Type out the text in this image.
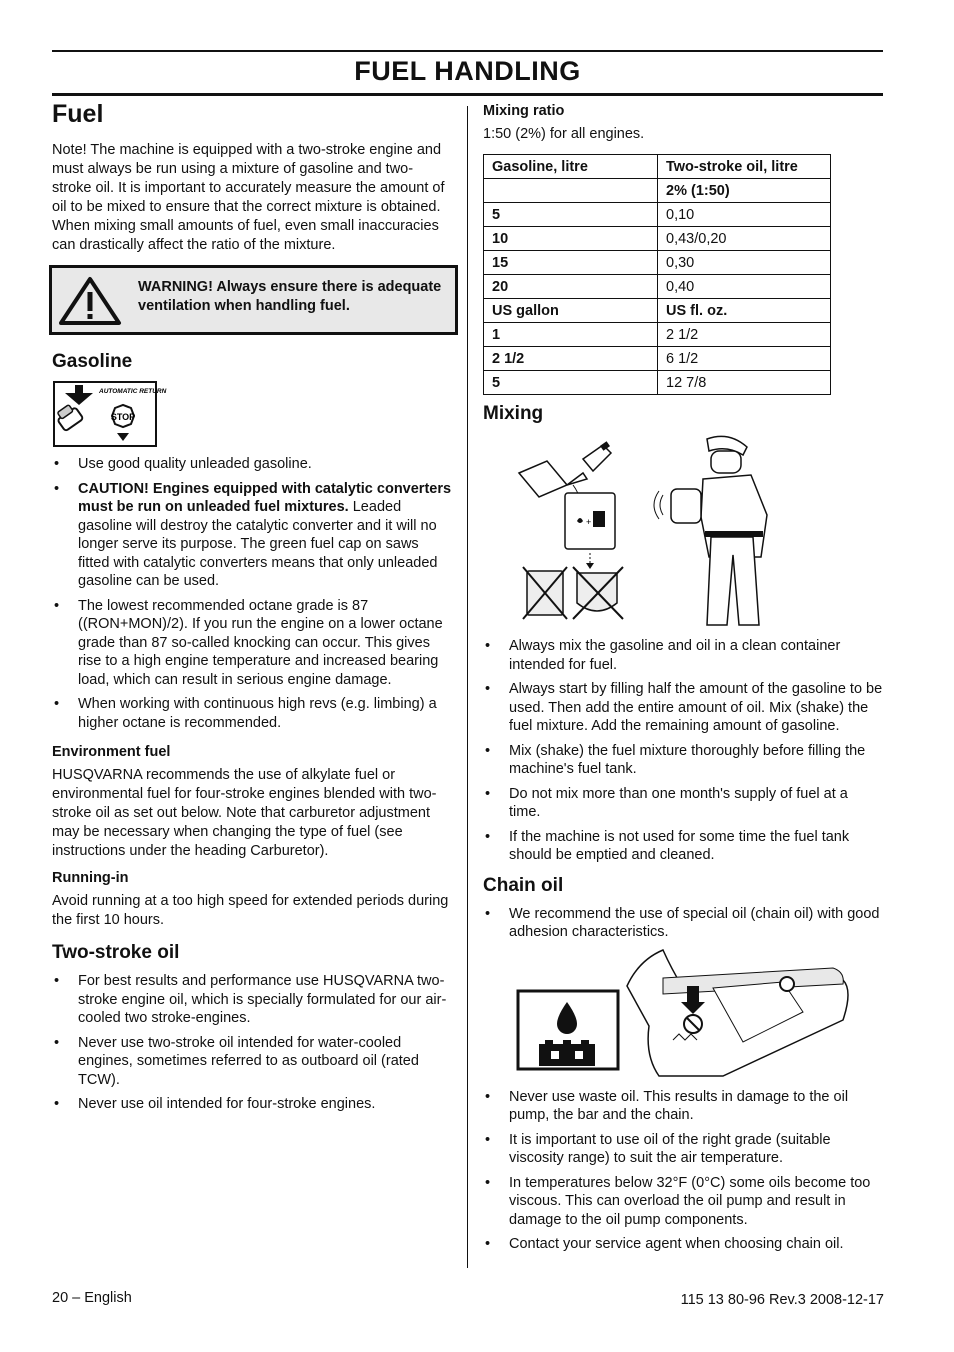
FUEL HANDLING
Fuel

Note! The machine is equipped with a two-stroke engine and must always be run using a mixture of gasoline and two-stroke oil. It is important to accurately measure the amount of oil to be mixed to ensure that the correct mixture is obtained. When mixing small amounts of fuel, even small inaccuracies can drastically affect the ratio of the mixture.

WARNING! Always ensure there is adequate ventilation when handling fuel.
Gasoline
AUTOMATIC RETURN
STOP
• Use good quality unleaded gasoline.
• CAUTION! Engines equipped with catalytic converters must be run on unleaded fuel mixtures. Leaded gasoline will destroy the catalytic converter and it will no longer serve its purpose. The green fuel cap on saws fitted with catalytic converters means that only unleaded gasoline can be used.
• The lowest recommended octane grade is 87 ((RON+MON)/2). If you run the engine on a lower octane grade than 87 so-called knocking can occur. This gives rise to a high engine temperature and increased bearing load, which can result in serious engine damage.
• When working with continuous high revs (e.g. limbing) a higher octane is recommended.
Environment fuel

HUSQVARNA recommends the use of alkylate fuel or environmental fuel for four-stroke engines blended with two-stroke oil as set out below. Note that carburetor adjustment may be necessary when changing the type of fuel (see instructions under the heading Carburetor).

Running-in

Avoid running at a too high speed for extended periods during the first 10 hours.

Two-stroke oil
• For best results and performance use HUSQVARNA two-stroke engine oil, which is specially formulated for our air-cooled two stroke-engines.
• Never use two-stroke oil intended for water-cooled engines, sometimes referred to as outboard oil (rated TCW).
• Never use oil intended for four-stroke engines.
Mixing ratio

1:50 (2%) for all engines.

Gasoline, litre	Two-stroke oil, litre
	2% (1:50)
5	0,10
10	0,43/0,20
15	0,30
20	0,40
US gallon	US fl. oz.
1	2 1/2
2 1/2	6 1/2
5	12 7/8
Mixing
+
• Always mix the gasoline and oil in a clean container intended for fuel.
• Always start by filling half the amount of the gasoline to be used. Then add the entire amount of oil. Mix (shake) the fuel mixture. Add the remaining amount of gasoline.
• Mix (shake) the fuel mixture thoroughly before filling the machine's fuel tank.
• Do not mix more than one month's supply of fuel at a time.
• If the machine is not used for some time the fuel tank should be emptied and cleaned.
Chain oil
• We recommend the use of special oil (chain oil) with good adhesion characteristics.
• Never use waste oil. This results in damage to the oil pump, the bar and the chain.
• It is important to use oil of the right grade (suitable viscosity range) to suit the air temperature.
• In temperatures below 32°F (0°C) some oils become too viscous. This can overload the oil pump and result in damage to the oil pump components.
• Contact your service agent when choosing chain oil.
20 – English	115 13 80-96 Rev.3 2008-12-17
